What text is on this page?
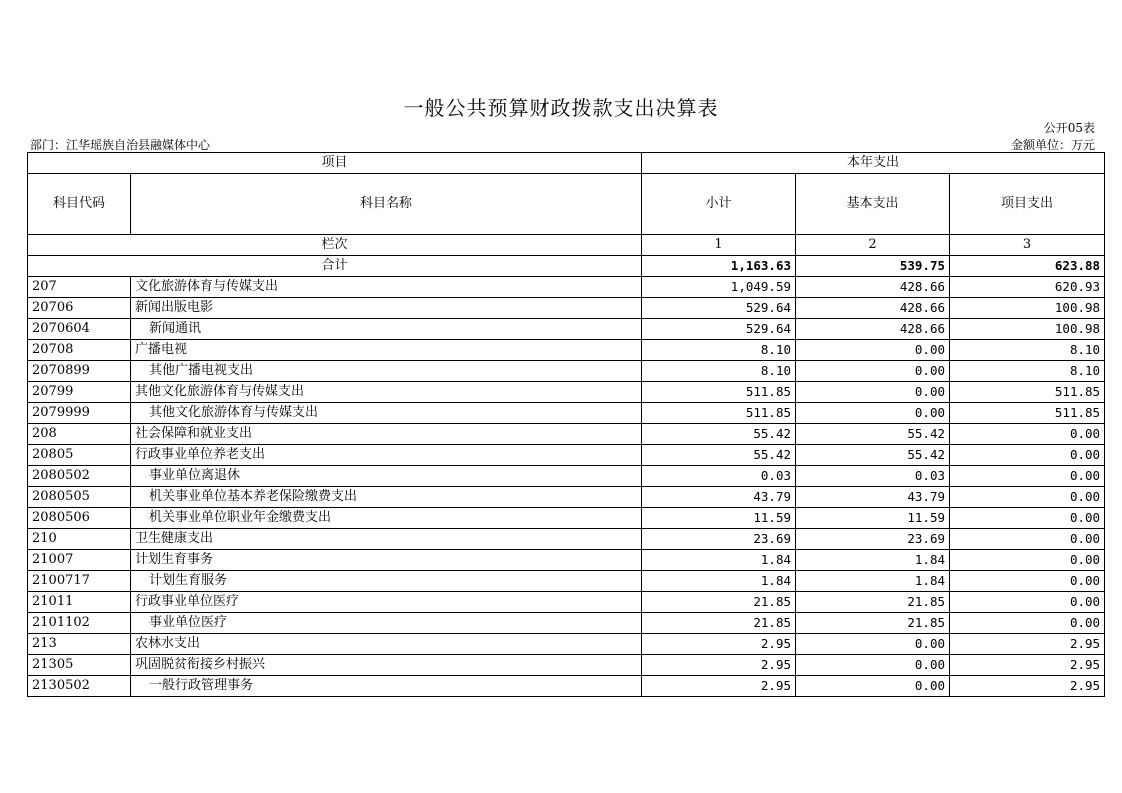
一般公共预算财政拨款支出决算表
公开05表
部门：江华瑶族自治县融媒体中心	金额单位：万元
项目		本年支出		
科目代码	科目名称	小计	基本支出	项目支出
栏次		1	2	3
合计		1,163.63	539.75	623.88
207	文化旅游体育与传媒支出	1,049.59	428.66	620.93
20706	新闻出版电影	529.64	428.66	100.98
2070604	新闻通讯	529.64	428.66	100.98
20708	广播电视	8.10	0.00	8.10
2070899	其他广播电视支出	8.10	0.00	8.10
20799	其他文化旅游体育与传媒支出	511.85	0.00	511.85
2079999	其他文化旅游体育与传媒支出	511.85	0.00	511.85
208	社会保障和就业支出	55.42	55.42	0.00
20805	行政事业单位养老支出	55.42	55.42	0.00
2080502	事业单位离退休	0.03	0.03	0.00
2080505	机关事业单位基本养老保险缴费支出	43.79	43.79	0.00
2080506	机关事业单位职业年金缴费支出	11.59	11.59	0.00
210	卫生健康支出	23.69	23.69	0.00
21007	计划生育事务	1.84	1.84	0.00
2100717	计划生育服务	1.84	1.84	0.00
21011	行政事业单位医疗	21.85	21.85	0.00
2101102	事业单位医疗	21.85	21.85	0.00
213	农林水支出	2.95	0.00	2.95
21305	巩固脱贫衔接乡村振兴	2.95	0.00	2.95
2130502	一般行政管理事务	2.95	0.00	2.95
